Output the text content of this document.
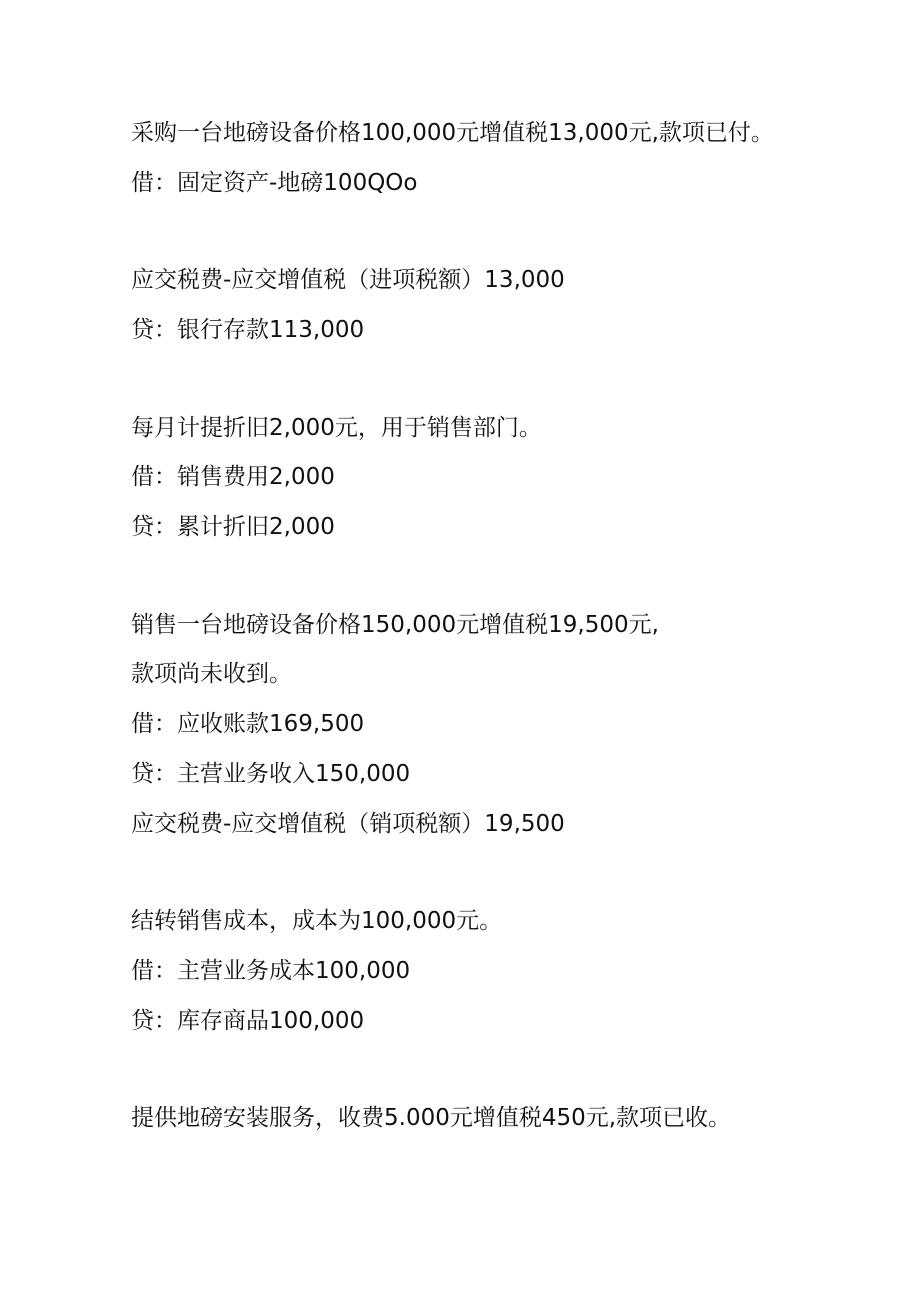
采购一台地磅设备价格100,000元增值税13,000元,款项已付。

借：固定资产-地磅100QOo

应交税费-应交增值税（进项税额）13,000

贷：银行存款113,000

每月计提折旧2,000元，用于销售部门。

借：销售费用2,000

贷：累计折旧2,000

销售一台地磅设备价格150,000元增值税19,500元,

款项尚未收到。

借：应收账款169,500

贷：主营业务收入150,000

应交税费-应交增值税（销项税额）19,500

结转销售成本，成本为100,000元。

借：主营业务成本100,000

贷：库存商品100,000

提供地磅安装服务，收费5.000元增值税450元,款项已收。
